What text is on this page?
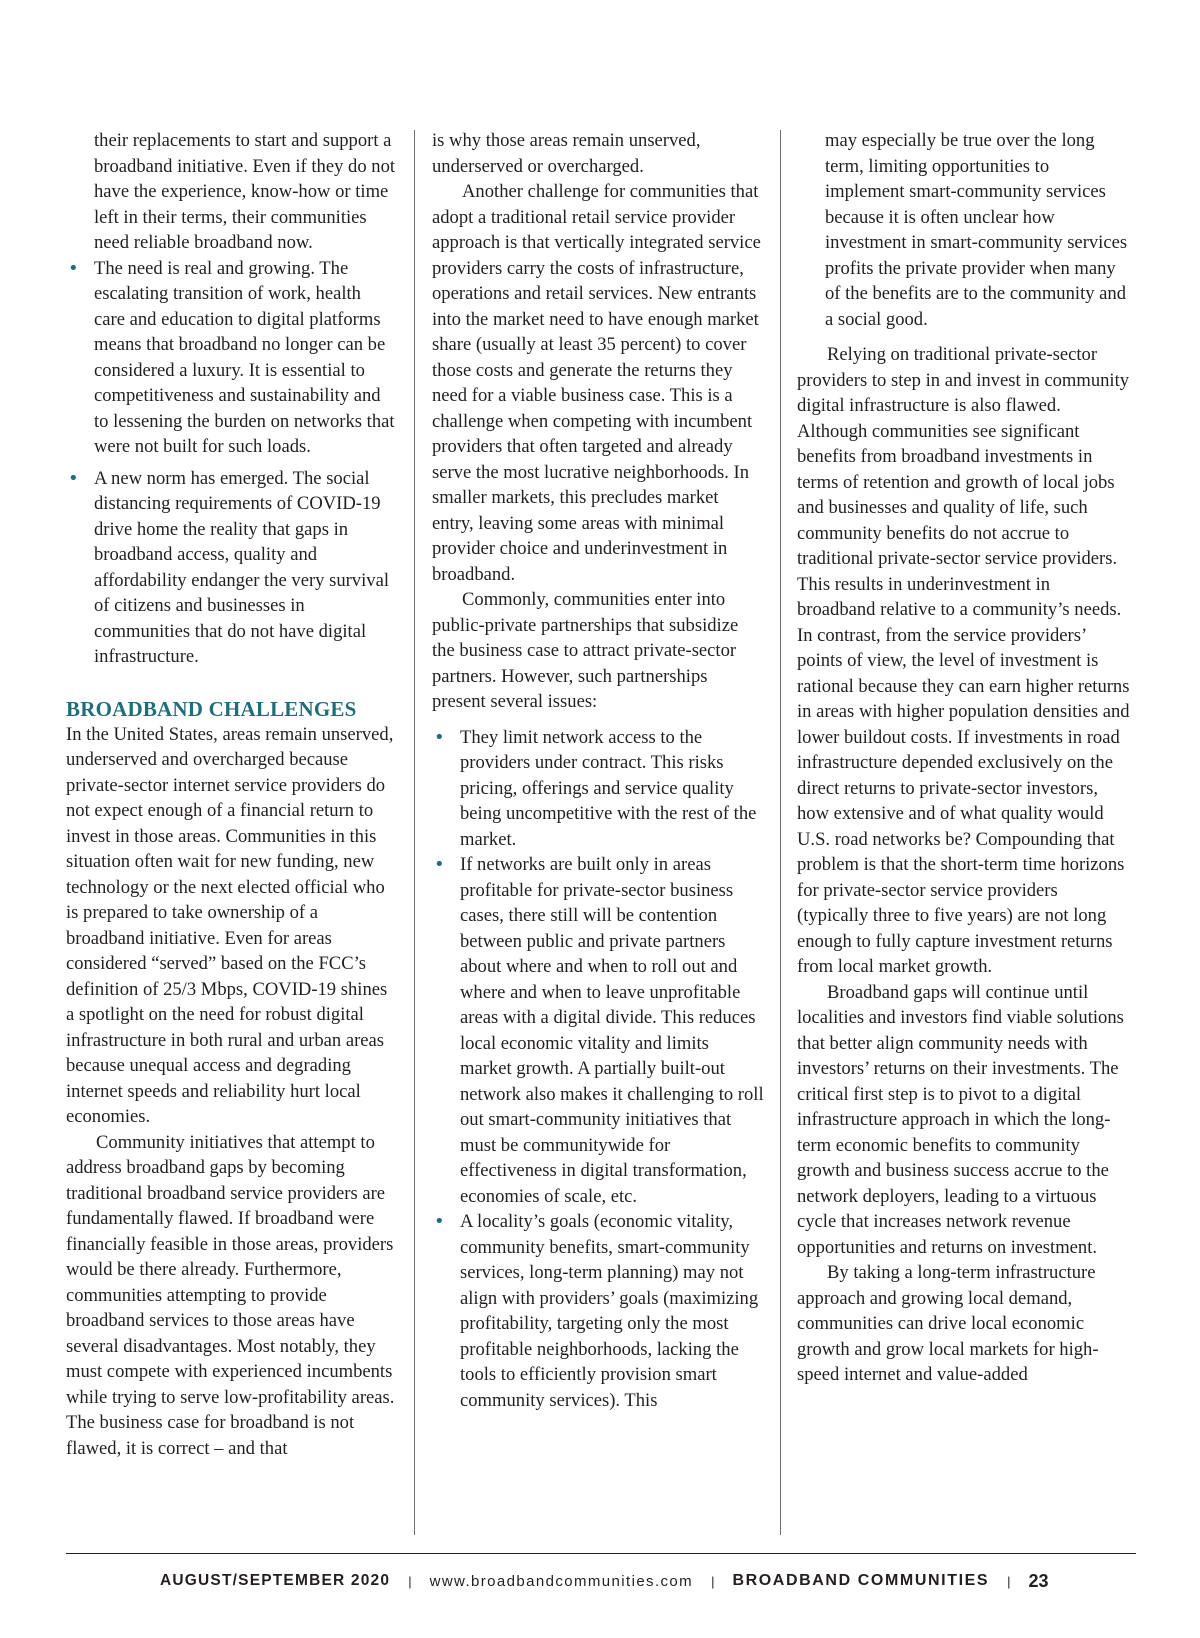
their replacements to start and support a broadband initiative. Even if they do not have the experience, know-how or time left in their terms, their communities need reliable broadband now.

• The need is real and growing. The escalating transition of work, health care and education to digital platforms means that broadband no longer can be considered a luxury. It is essential to competitiveness and sustainability and to lessening the burden on networks that were not built for such loads.
• A new norm has emerged. The social distancing requirements of COVID-19 drive home the reality that gaps in broadband access, quality and affordability endanger the very survival of citizens and businesses in communities that do not have digital infrastructure.
BROADBAND CHALLENGES

In the United States, areas remain unserved, underserved and overcharged because private-sector internet service providers do not expect enough of a financial return to invest in those areas. Communities in this situation often wait for new funding, new technology or the next elected official who is prepared to take ownership of a broadband initiative. Even for areas considered “served” based on the FCC’s definition of 25/3 Mbps, COVID-19 shines a spotlight on the need for robust digital infrastructure in both rural and urban areas because unequal access and degrading internet speeds and reliability hurt local economies.

Community initiatives that attempt to address broadband gaps by becoming traditional broadband service providers are fundamentally flawed. If broadband were financially feasible in those areas, providers would be there already. Furthermore, communities attempting to provide broadband services to those areas have several disadvantages. Most notably, they must compete with experienced incumbents while trying to serve low-profitability areas. The business case for broadband is not flawed, it is correct – and that

is why those areas remain unserved, underserved or overcharged.

Another challenge for communities that adopt a traditional retail service provider approach is that vertically integrated service providers carry the costs of infrastructure, operations and retail services. New entrants into the market need to have enough market share (usually at least 35 percent) to cover those costs and generate the returns they need for a viable business case. This is a challenge when competing with incumbent providers that often targeted and already serve the most lucrative neighborhoods. In smaller markets, this precludes market entry, leaving some areas with minimal provider choice and underinvestment in broadband.

Commonly, communities enter into public-private partnerships that subsidize the business case to attract private-sector partners. However, such partnerships present several issues:

• They limit network access to the providers under contract. This risks pricing, offerings and service quality being uncompetitive with the rest of the market.
• If networks are built only in areas profitable for private-sector business cases, there still will be contention between public and private partners about where and when to roll out and where and when to leave unprofitable areas with a digital divide. This reduces local economic vitality and limits market growth. A partially built-out network also makes it challenging to roll out smart-community initiatives that must be communitywide for effectiveness in digital transformation, economies of scale, etc.
• A locality’s goals (economic vitality, community benefits, smart-community services, long-term planning) may not align with providers’ goals (maximizing profitability, targeting only the most profitable neighborhoods, lacking the tools to efficiently provision smart community services). This

may especially be true over the long term, limiting opportunities to implement smart-community services because it is often unclear how investment in smart-community services profits the private provider when many of the benefits are to the community and a social good.

Relying on traditional private-sector providers to step in and invest in community digital infrastructure is also flawed. Although communities see significant benefits from broadband investments in terms of retention and growth of local jobs and businesses and quality of life, such community benefits do not accrue to traditional private-sector service providers. This results in underinvestment in broadband relative to a community’s needs. In contrast, from the service providers’ points of view, the level of investment is rational because they can earn higher returns in areas with higher population densities and lower buildout costs. If investments in road infrastructure depended exclusively on the direct returns to private-sector investors, how extensive and of what quality would U.S. road networks be? Compounding that problem is that the short-term time horizons for private-sector service providers (typically three to five years) are not long enough to fully capture investment returns from local market growth.

Broadband gaps will continue until localities and investors find viable solutions that better align community needs with investors’ returns on their investments. The critical first step is to pivot to a digital infrastructure approach in which the long-term economic benefits to community growth and business success accrue to the network deployers, leading to a virtuous cycle that increases network revenue opportunities and returns on investment.

By taking a long-term infrastructure approach and growing local demand, communities can drive local economic growth and grow local markets for high-speed internet and value-added

AUGUST/SEPTEMBER 2020 | www.broadbandcommunities.com | BROADBAND COMMUNITIES | 23
